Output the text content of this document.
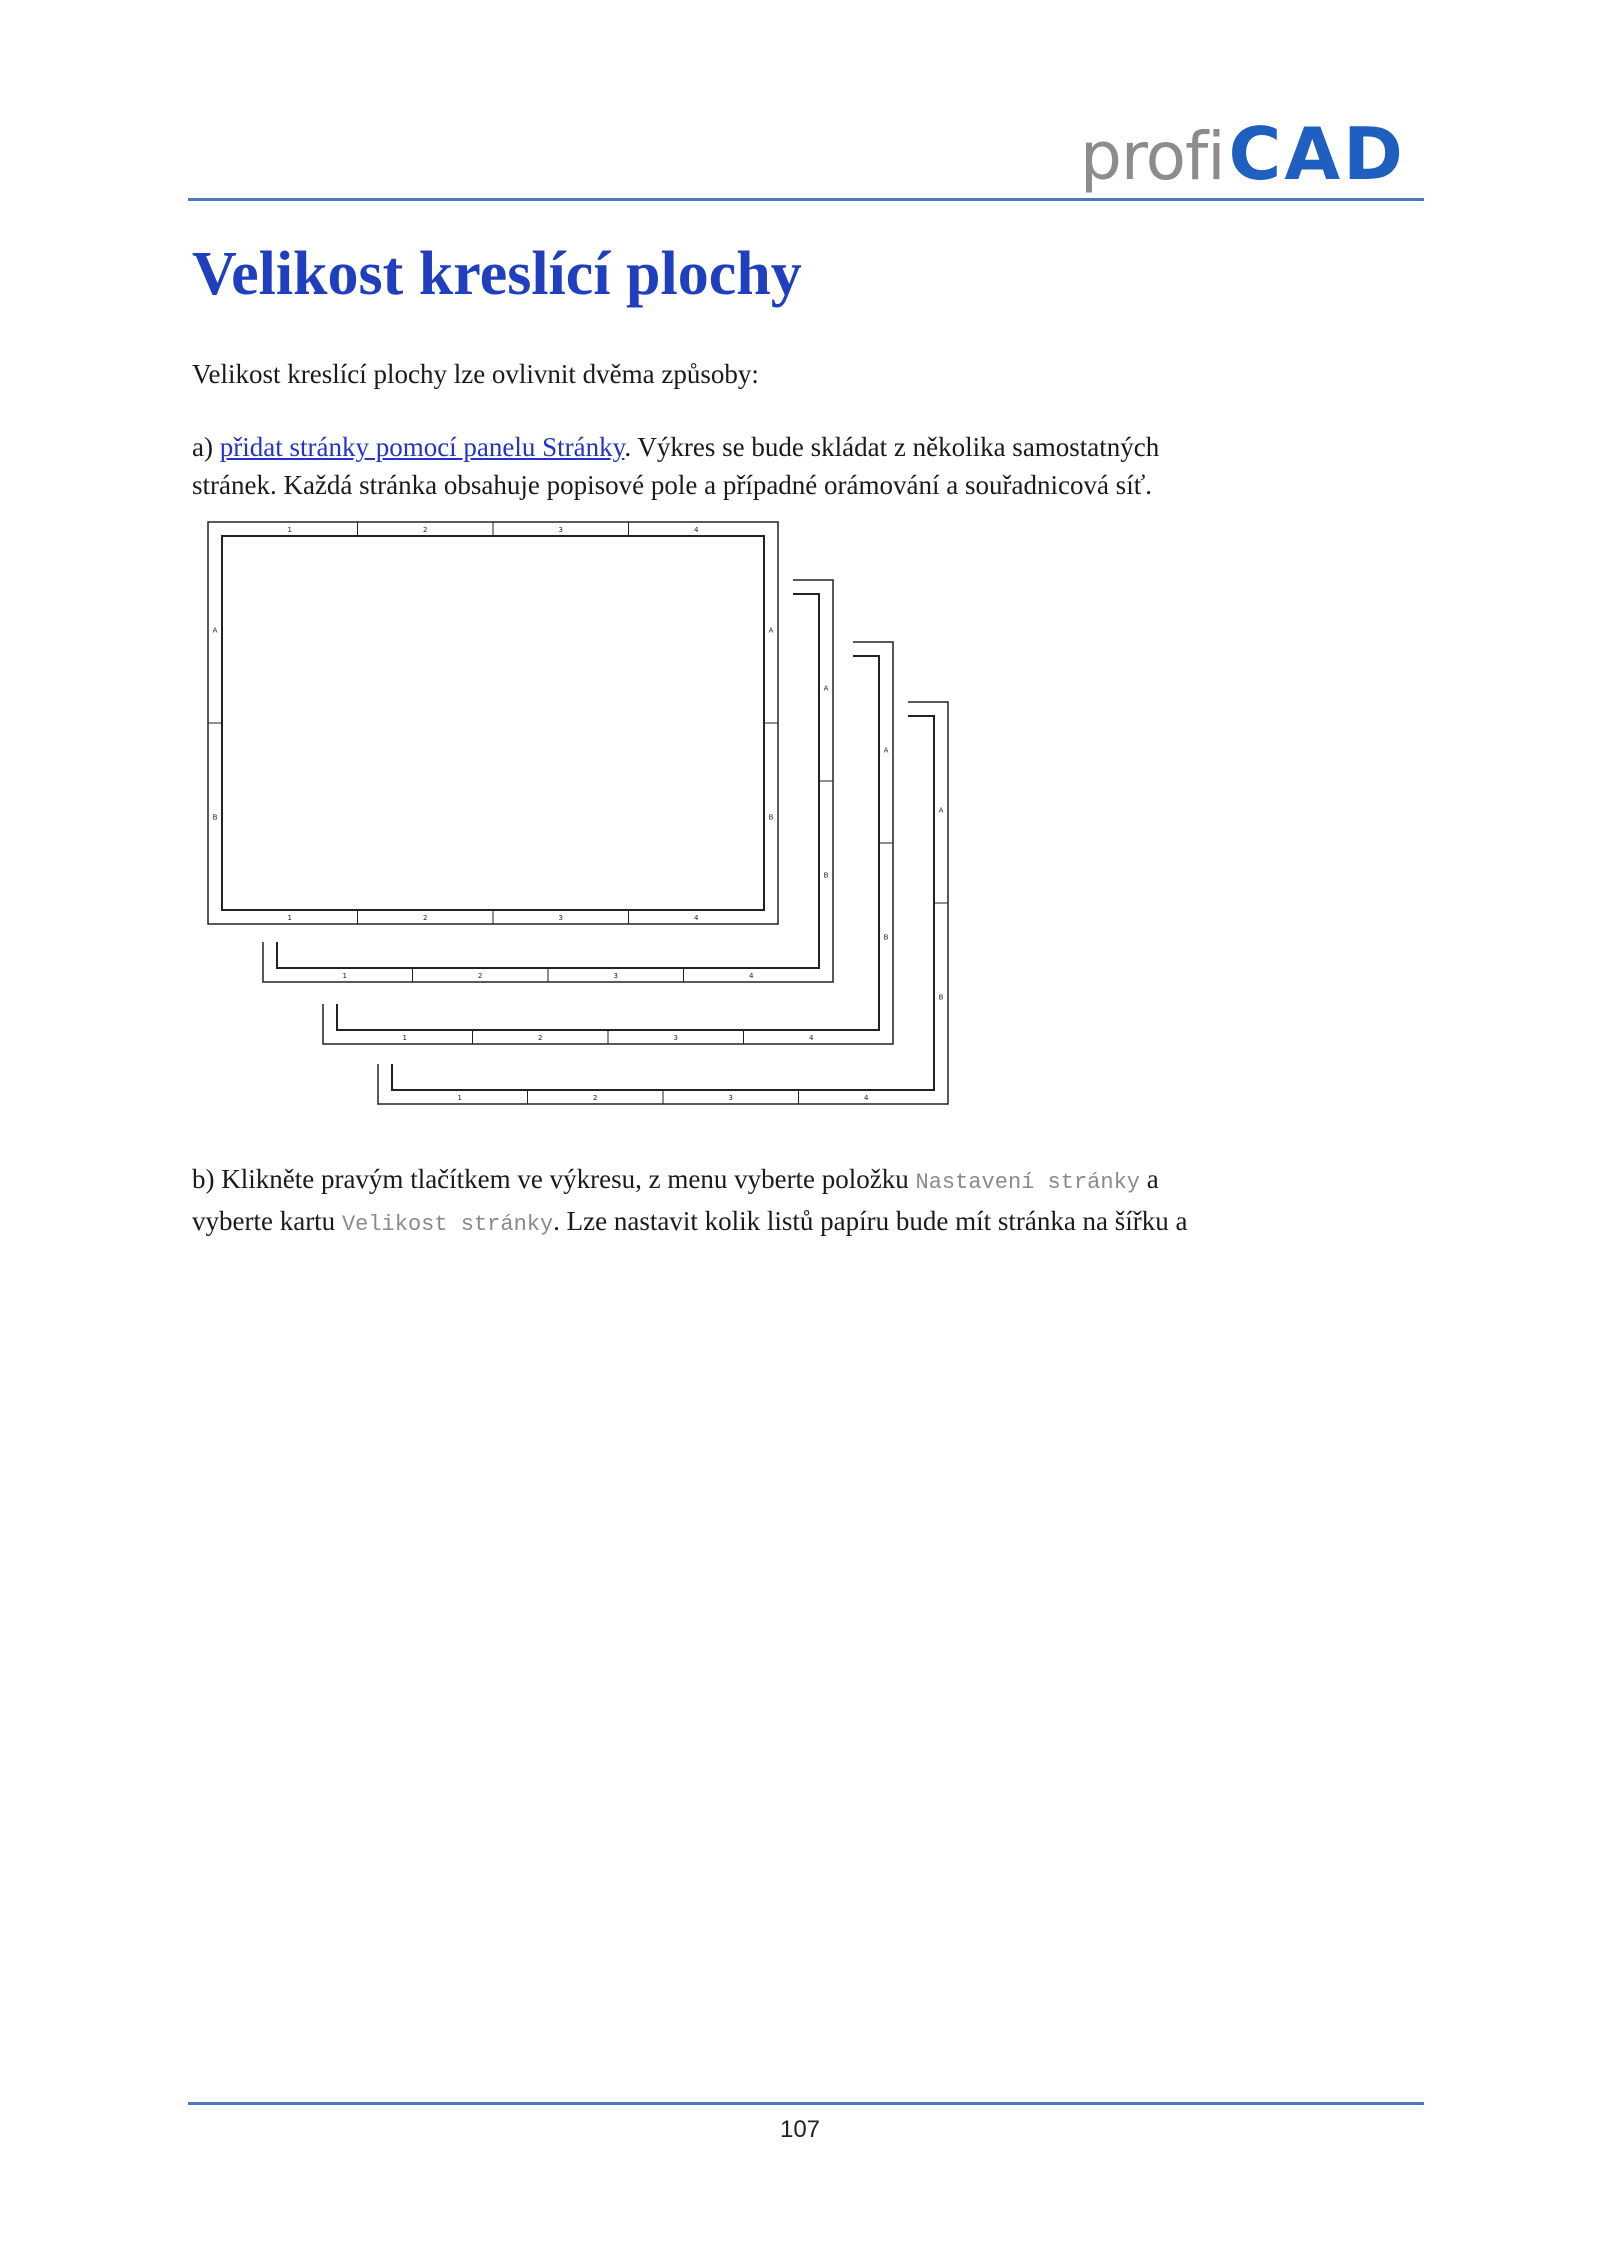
profi CAD
Velikost kreslící plochy

Velikost kreslící plochy lze ovlivnit dvěma způsoby:

a) přidat stránky pomocí panelu Stránky. Výkres se bude skládat z několika samostatných
stránek. Každá stránka obsahuje popisové pole a případné orámování a souřadnicová síť.

1	2	3	4
A
B
1	2	3	4
A
B
1	2	3	4
A
B
1
1
2
2
3
3
4
4
A	A
B	B

b) Klikněte pravým tlačítkem ve výkresu, z menu vyberte položku Nastavení stránky a
vyberte kartu Velikost stránky. Lze nastavit kolik listů papíru bude mít stránka na šířku a

107
